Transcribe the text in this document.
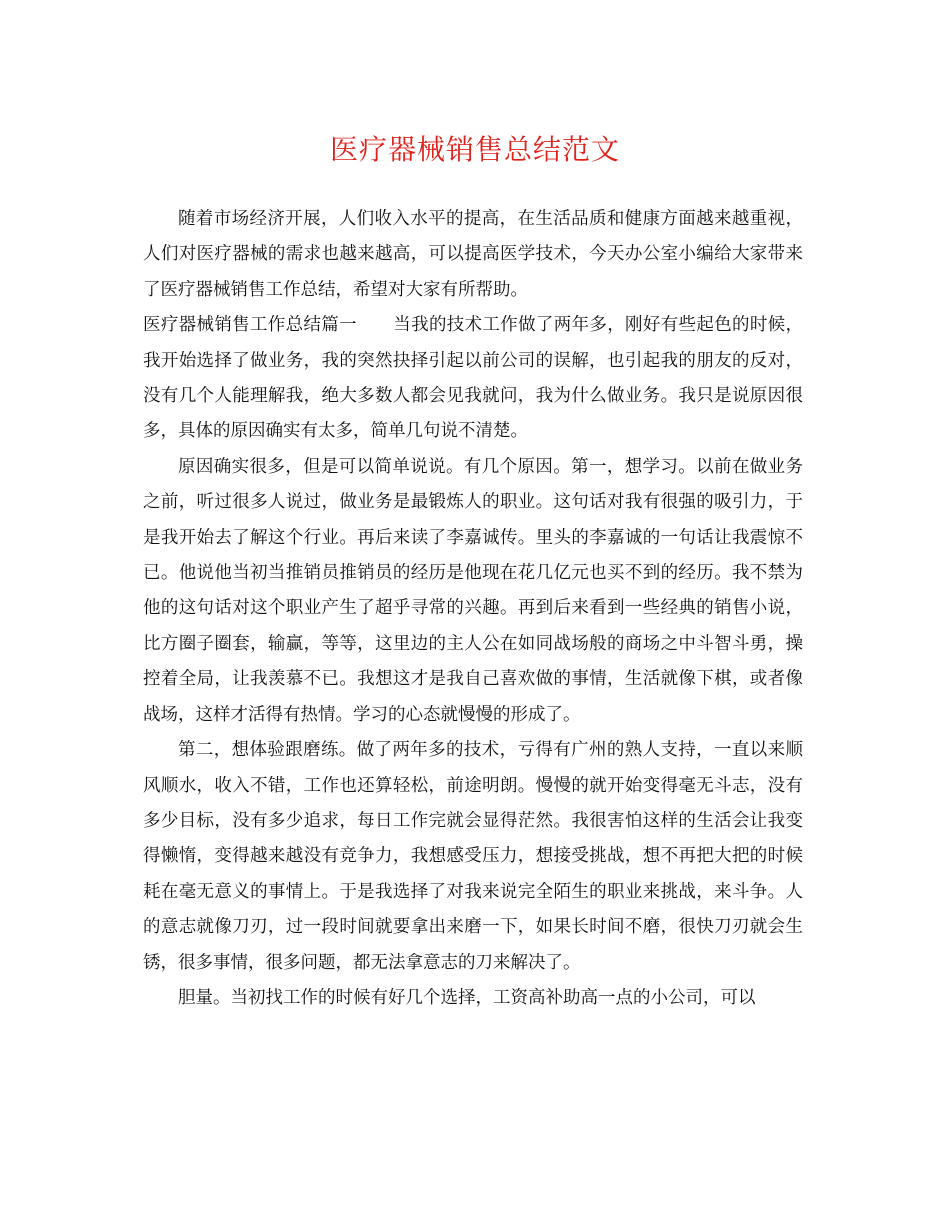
医疗器械销售总结范文

随着市场经济开展，人们收入水平的提高，在生活品质和健康方面越来越重视，人们对医疗器械的需求也越来越高，可以提高医学技术，今天办公室小编给大家带来了医疗器械销售工作总结，希望对大家有所帮助。

医疗器械销售工作总结篇一 当我的技术工作做了两年多，刚好有些起色的时候，我开始选择了做业务，我的突然抉择引起以前公司的误解，也引起我的朋友的反对，没有几个人能理解我，绝大多数人都会见我就问，我为什么做业务。我只是说原因很多，具体的原因确实有太多，简单几句说不清楚。

原因确实很多，但是可以简单说说。有几个原因。第一，想学习。以前在做业务之前，听过很多人说过，做业务是最锻炼人的职业。这句话对我有很强的吸引力，于是我开始去了解这个行业。再后来读了李嘉诚传。里头的李嘉诚的一句话让我震惊不已。他说他当初当推销员推销员的经历是他现在花几亿元也买不到的经历。我不禁为他的这句话对这个职业产生了超乎寻常的兴趣。再到后来看到一些经典的销售小说，比方圈子圈套，输赢，等等，这里边的主人公在如同战场般的商场之中斗智斗勇，操控着全局，让我羡慕不已。我想这才是我自己喜欢做的事情，生活就像下棋，或者像战场，这样才活得有热情。学习的心态就慢慢的形成了。

第二，想体验跟磨练。做了两年多的技术，亏得有广州的熟人支持，一直以来顺风顺水，收入不错，工作也还算轻松，前途明朗。慢慢的就开始变得毫无斗志，没有多少目标，没有多少追求，每日工作完就会显得茫然。我很害怕这样的生活会让我变得懒惰，变得越来越没有竞争力，我想感受压力，想接受挑战，想不再把大把的时候耗在毫无意义的事情上。于是我选择了对我来说完全陌生的职业来挑战，来斗争。人的意志就像刀刃，过一段时间就要拿出来磨一下，如果长时间不磨，很快刀刃就会生锈，很多事情，很多问题，都无法拿意志的刀来解决了。

胆量。当初找工作的时候有好几个选择，工资高补助高一点的小公司，可以
